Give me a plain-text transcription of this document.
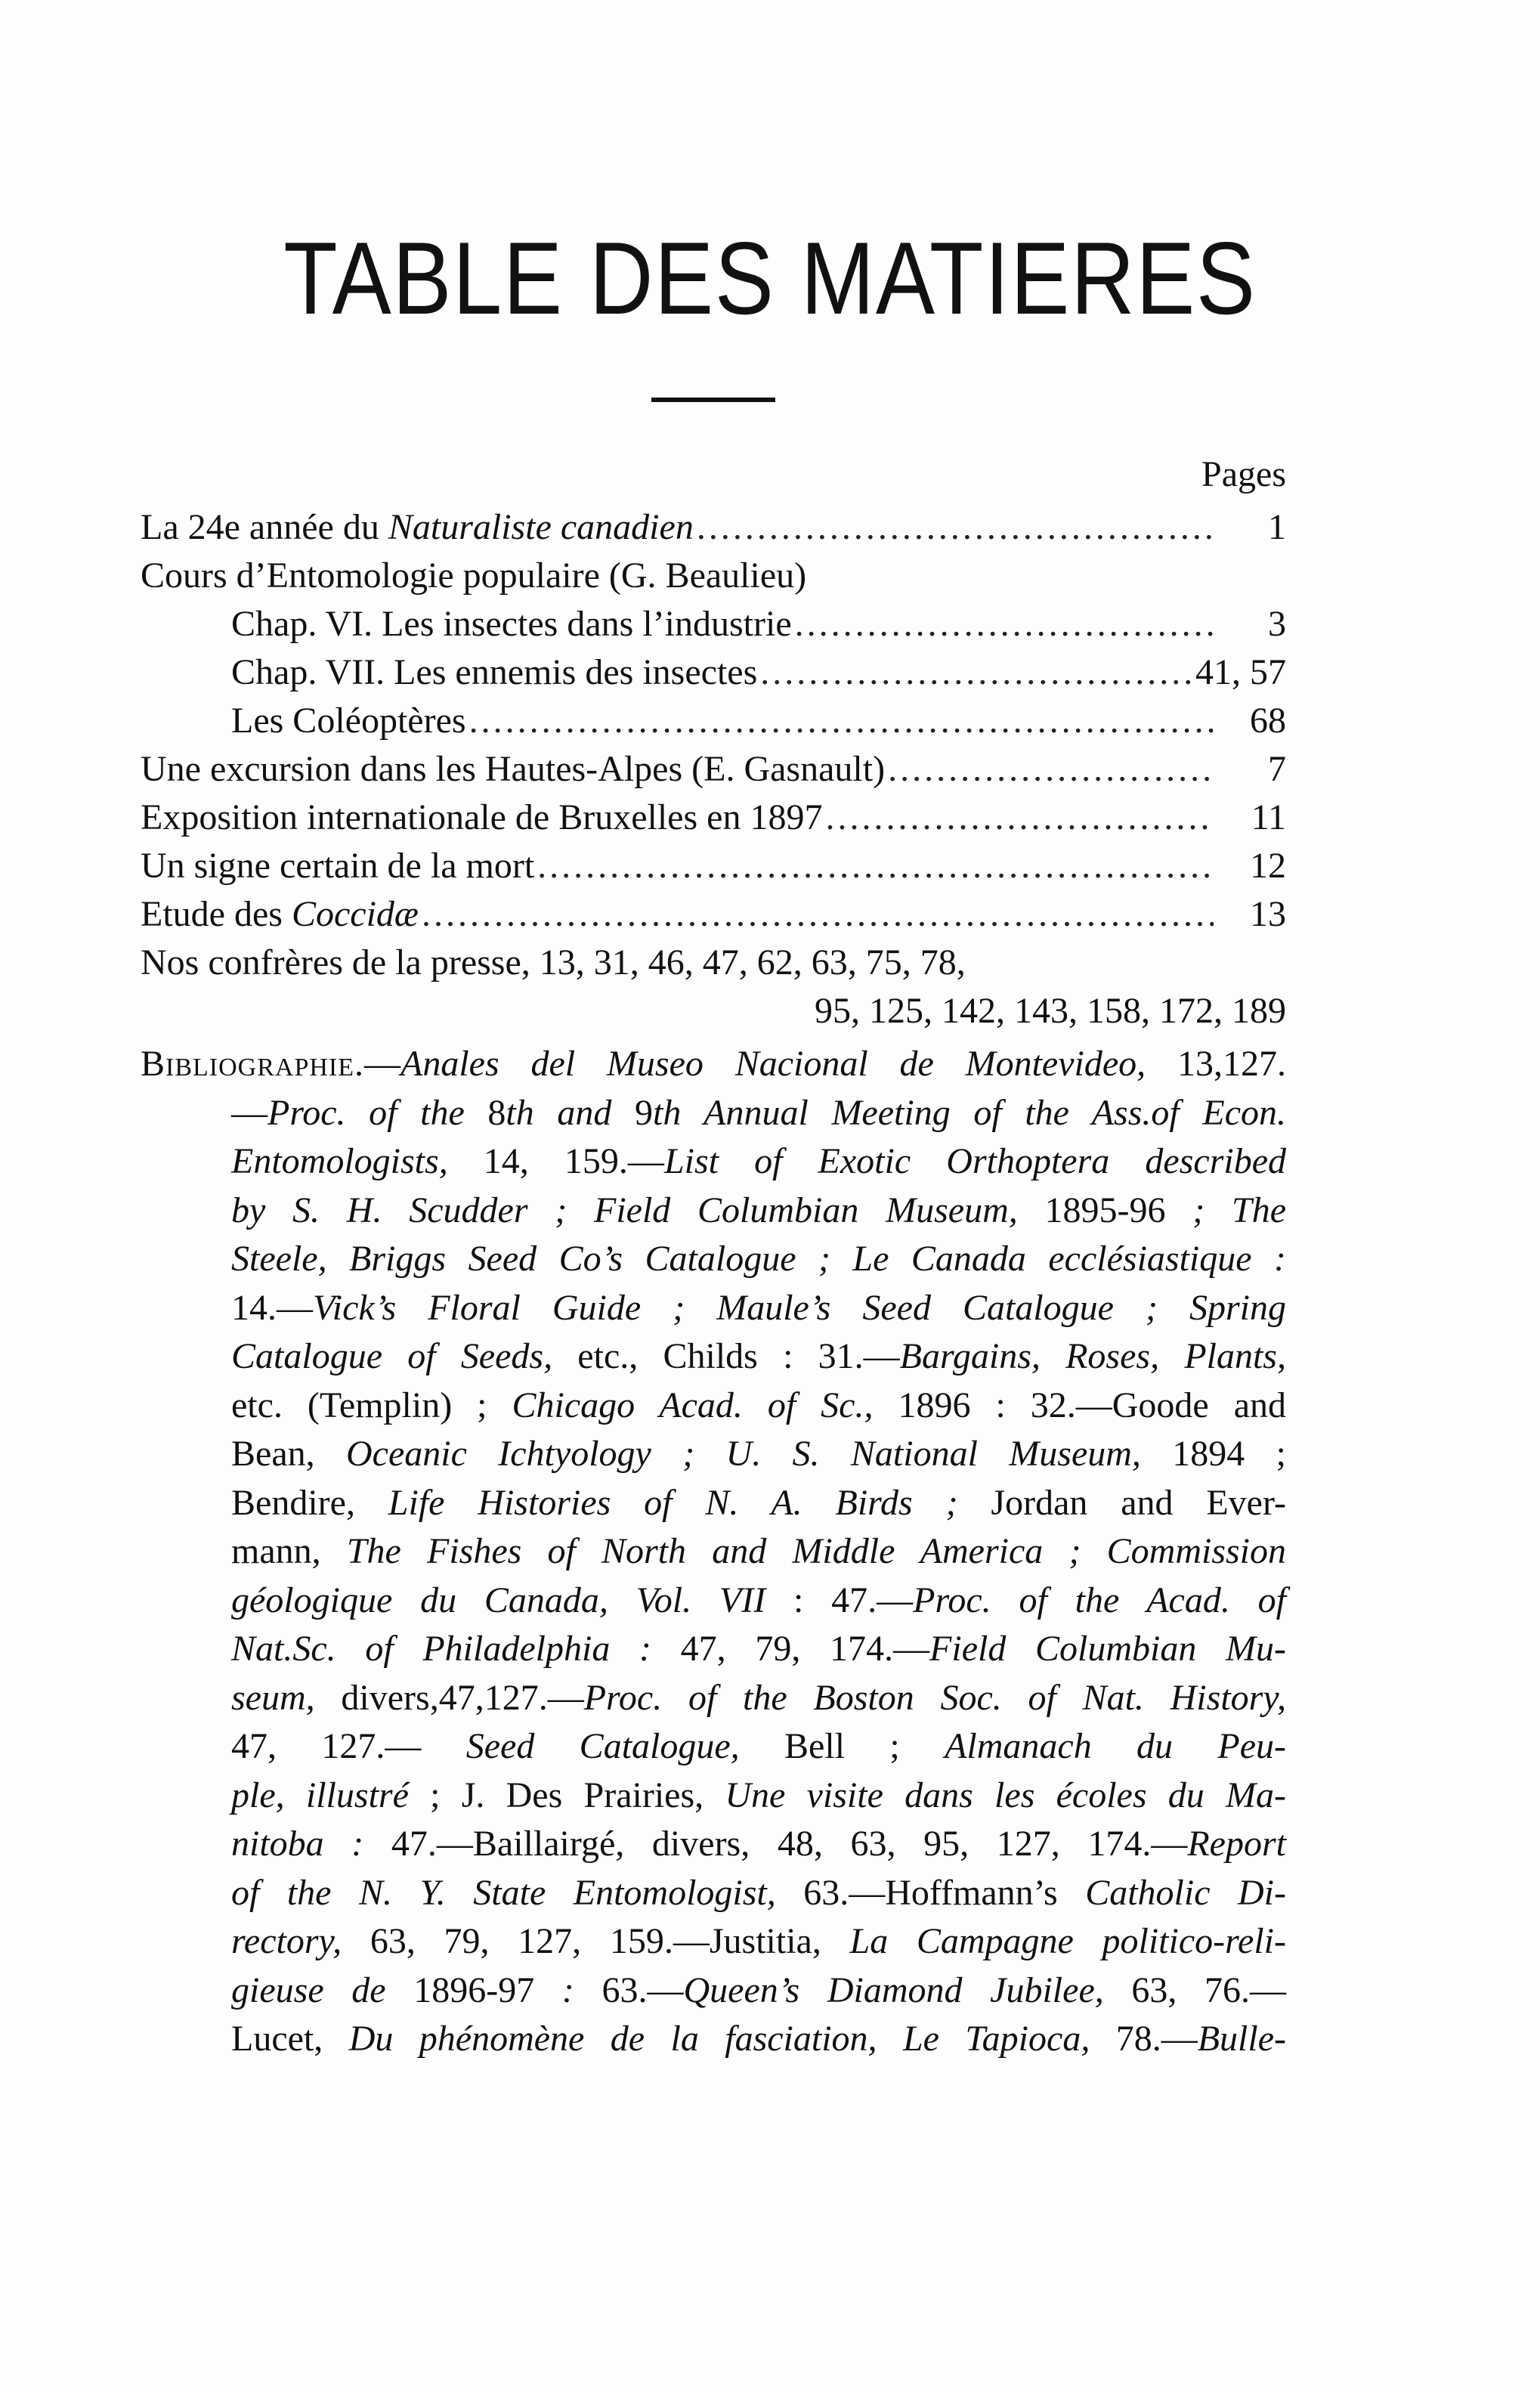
TABLE DES MATIERES
Pages
La 24e année du Naturaliste canadien .....	1
Cours d’Entomologie populaire (G. Beaulieu)
Chap. VI. Les insectes dans l’industrie .....	3
Chap. VII. Les ennemis des insectes .....	41, 57
Les Coléoptères .....	68
Une excursion dans les Hautes-Alpes (E. Gasnault) .....	7
Exposition internationale de Bruxelles en 1897 .....	11
Un signe certain de la mort .....	12
Etude des Coccidæ .....	13
Nos confrères de la presse, 13, 31, 46, 47, 62, 63, 75, 78,
95, 125, 142, 143, 158, 172, 189
Bibliographie.—Anales del Museo Nacional de Montevideo, 13,127.
—Proc. of the 8th and 9th Annual Meeting of the Ass.of Econ.
Entomologists, 14, 159.—List of Exotic Orthoptera described
by S. H. Scudder ; Field Columbian Museum, 1895-96 ; The
Steele, Briggs Seed Co’s Catalogue ; Le Canada ecclésiastique :
14.—Vick’s Floral Guide ; Maule’s Seed Catalogue ; Spring
Catalogue of Seeds, etc., Childs : 31.—Bargains, Roses, Plants,
etc. (Templin) ; Chicago Acad. of Sc., 1896 : 32.—Goode and
Bean, Oceanic Ichtyology ; U. S. National Museum, 1894 ;
Bendire, Life Histories of N. A. Birds ; Jordan and Ever-
mann, The Fishes of North and Middle America ; Commission
géologique du Canada, Vol. VII : 47.—Proc. of the Acad. of
Nat.Sc. of Philadelphia : 47, 79, 174.—Field Columbian Mu-
seum, divers,47,127.—Proc. of the Boston Soc. of Nat. History,
47, 127.— Seed Catalogue, Bell ; Almanach du Peu-
ple, illustré ; J. Des Prairies, Une visite dans les écoles du Ma-
nitoba : 47.—Baillairgé, divers, 48, 63, 95, 127, 174.—Report
of the N. Y. State Entomologist, 63.—Hoffmann’s Catholic Di-
rectory, 63, 79, 127, 159.—Justitia, La Campagne politico-reli-
gieuse de 1896-97 : 63.—Queen’s Diamond Jubilee, 63, 76.—
Lucet, Du phénomène de la fasciation, Le Tapioca, 78.—Bulle-
